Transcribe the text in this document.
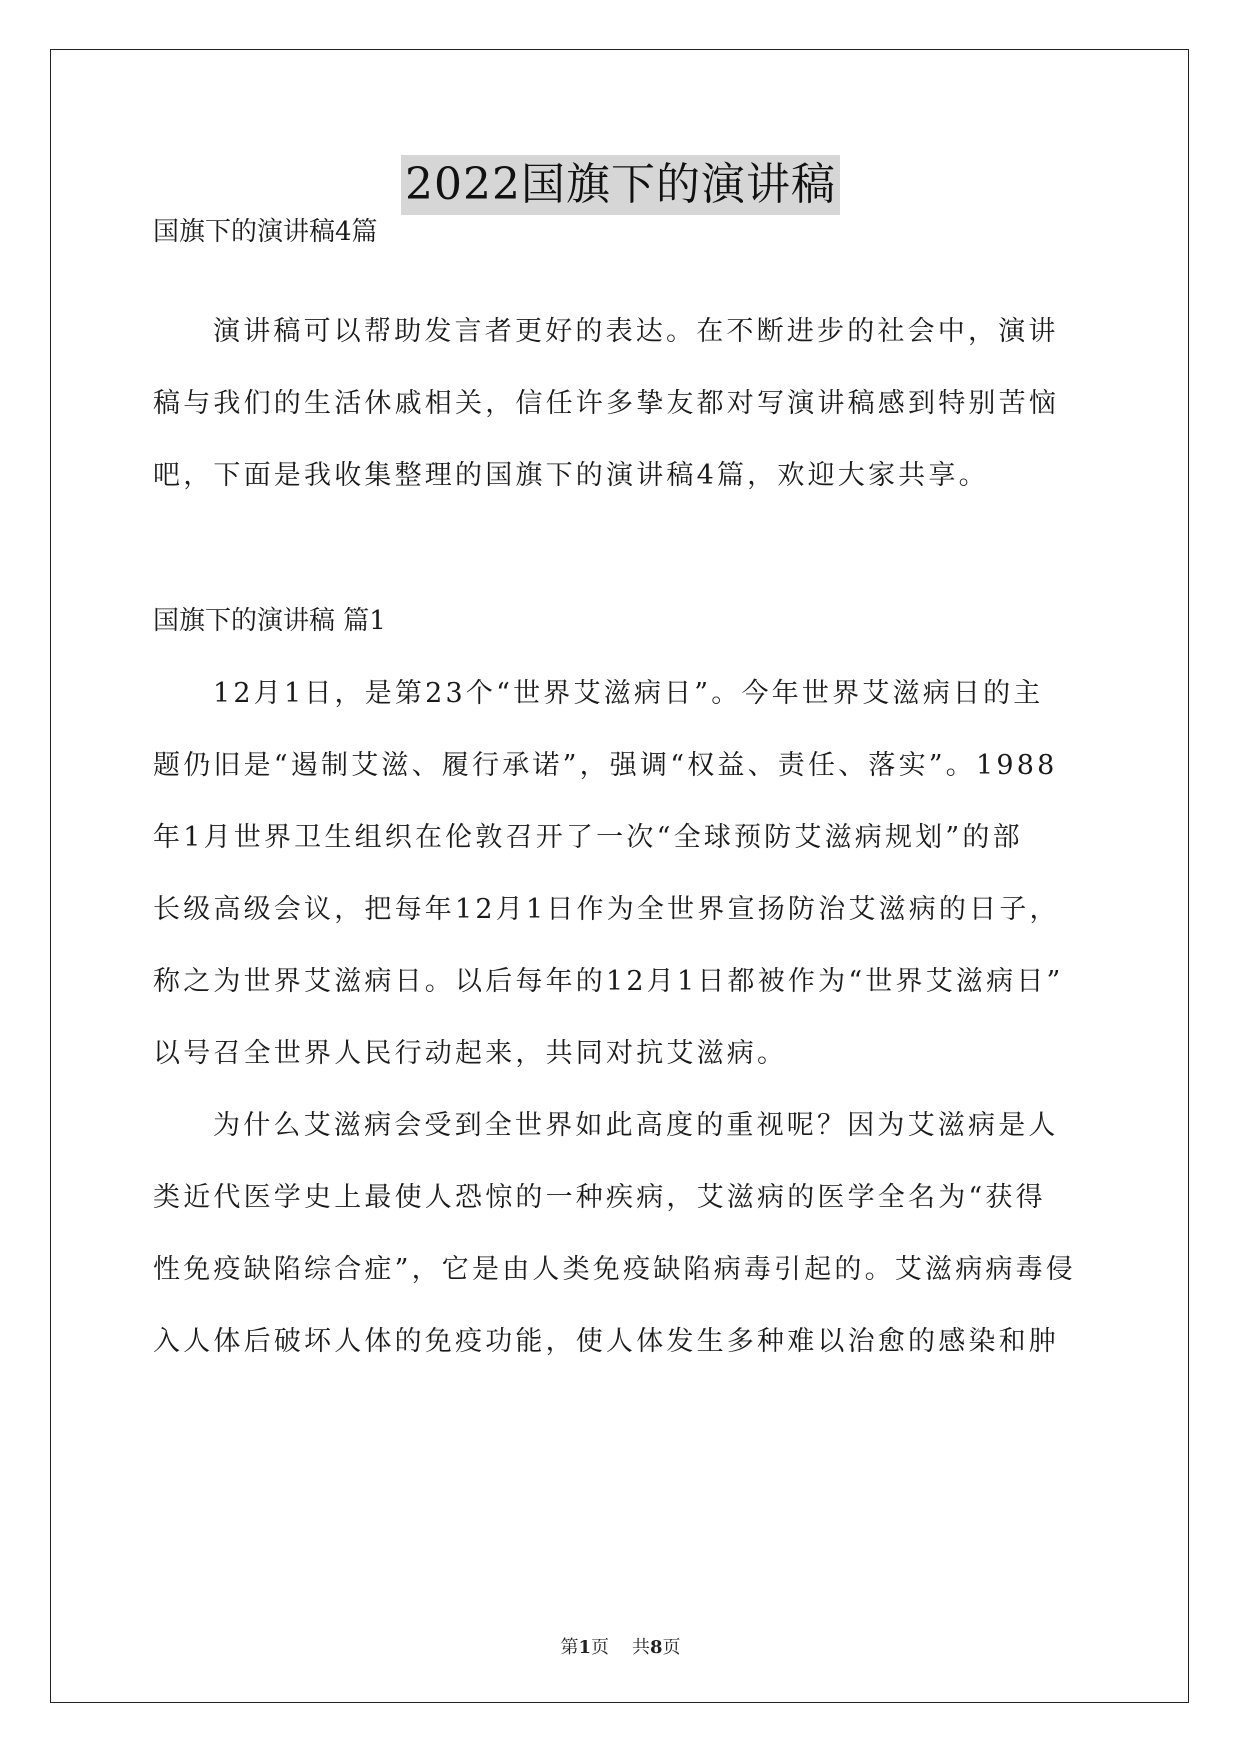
2022国旗下的演讲稿
国旗下的演讲稿4篇
演讲稿可以帮助发言者更好的表达。在不断进步的社会中，演讲
稿与我们的生活休戚相关，信任许多挚友都对写演讲稿感到特别苦恼
吧，下面是我收集整理的国旗下的演讲稿4篇，欢迎大家共享。
国旗下的演讲稿 篇1
12月1日，是第23个“世界艾滋病日”。今年世界艾滋病日的主
题仍旧是“遏制艾滋、履行承诺”，强调“权益、责任、落实”。1988
年1月世界卫生组织在伦敦召开了一次“全球预防艾滋病规划”的部
长级高级会议，把每年12月1日作为全世界宣扬防治艾滋病的日子，
称之为世界艾滋病日。以后每年的12月1日都被作为“世界艾滋病日”
以号召全世界人民行动起来，共同对抗艾滋病。
为什么艾滋病会受到全世界如此高度的重视呢？因为艾滋病是人
类近代医学史上最使人恐惊的一种疾病，艾滋病的医学全名为“获得
性免疫缺陷综合症”，它是由人类免疫缺陷病毒引起的。艾滋病病毒侵
入人体后破坏人体的免疫功能，使人体发生多种难以治愈的感染和肿
第1页 共8页
